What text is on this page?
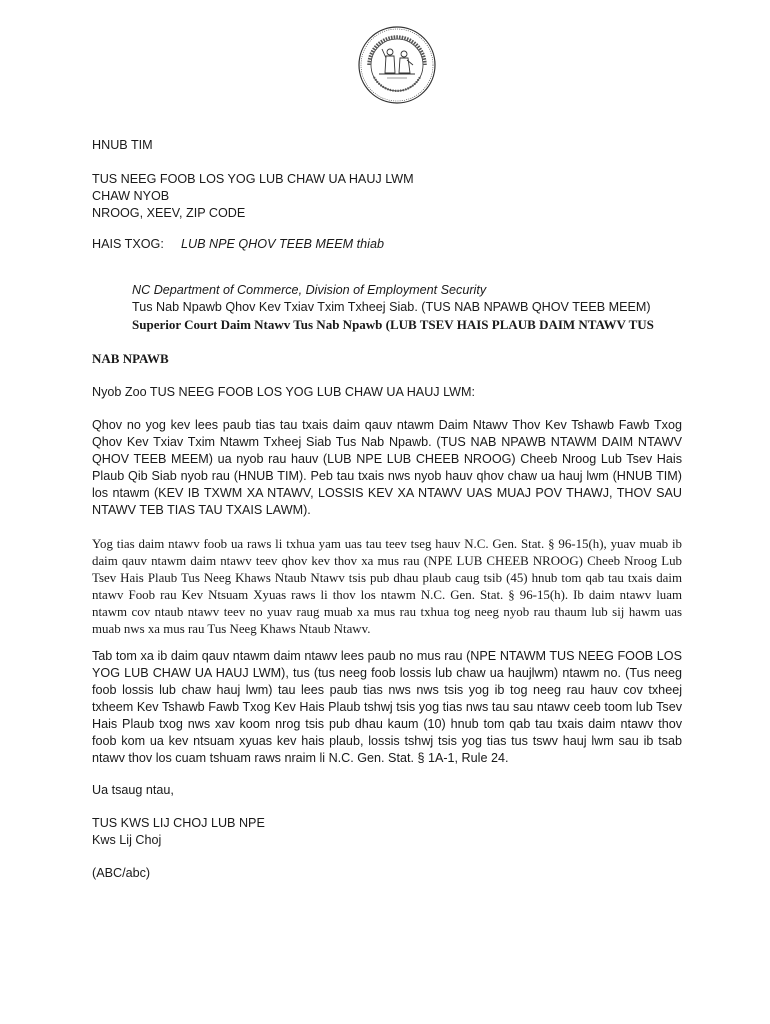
HNUB TIM
TUS NEEG FOOB LOS YOG LUB CHAW UA HAUJ LWM
CHAW NYOB
NROOG, XEEV, ZIP CODE
HAIS TXOG: LUB NPE QHOV TEEB MEEM thiab
NC Department of Commerce, Division of Employment Security
Tus Nab Npawb Qhov Kev Txiav Txim Txheej Siab. (TUS NAB NPAWB QHOV TEEB MEEM)
Superior Court Daim Ntawv Tus Nab Npawb (LUB TSEV HAIS PLAUB DAIM NTAWV TUS
NAB NPAWB
Nyob Zoo TUS NEEG FOOB LOS YOG LUB CHAW UA HAUJ LWM:

Qhov no yog kev lees paub tias tau txais daim qauv ntawm Daim Ntawv Thov Kev Tshawb Fawb Txog Qhov Kev Txiav Txim Ntawm Txheej Siab Tus Nab Npawb. (TUS NAB NPAWB NTAWM DAIM NTAWV QHOV TEEB MEEM) ua nyob rau hauv (LUB NPE LUB CHEEB NROOG) Cheeb Nroog Lub Tsev Hais Plaub Qib Siab nyob rau (HNUB TIM). Peb tau txais nws nyob hauv qhov chaw ua hauj lwm (HNUB TIM) los ntawm (KEV IB TXWM XA NTAWV, LOSSIS KEV XA NTAWV UAS MUAJ POV THAWJ, THOV SAU NTAWV TEB TIAS TAU TXAIS LAWM).

Yog tias daim ntawv foob ua raws li txhua yam uas tau teev tseg hauv N.C. Gen. Stat. § 96-15(h), yuav muab ib daim qauv ntawm daim ntawv teev qhov kev thov xa mus rau (NPE LUB CHEEB NROOG) Cheeb Nroog Lub Tsev Hais Plaub Tus Neeg Khaws Ntaub Ntawv tsis pub dhau plaub caug tsib (45) hnub tom qab tau txais daim ntawv Foob rau Kev Ntsuam Xyuas raws li thov los ntawm N.C. Gen. Stat. § 96-15(h). Ib daim ntawv luam ntawm cov ntaub ntawv teev no yuav raug muab xa mus rau txhua tog neeg nyob rau thaum lub sij hawm uas muab nws xa mus rau Tus Neeg Khaws Ntaub Ntawv.

Tab tom xa ib daim qauv ntawm daim ntawv lees paub no mus rau (NPE NTAWM TUS NEEG FOOB LOS YOG LUB CHAW UA HAUJ LWM), tus (tus neeg foob lossis lub chaw ua haujlwm) ntawm no. (Tus neeg foob lossis lub chaw hauj lwm) tau lees paub tias nws nws tsis yog ib tog neeg rau hauv cov txheej txheem Kev Tshawb Fawb Txog Kev Hais Plaub tshwj tsis yog tias nws tau sau ntawv ceeb toom lub Tsev Hais Plaub txog nws xav koom nrog tsis pub dhau kaum (10) hnub tom qab tau txais daim ntawv thov foob kom ua kev ntsuam xyuas kev hais plaub, lossis tshwj tsis yog tias tus tswv hauj lwm sau ib tsab ntawv thov los cuam tshuam raws nraim li N.C. Gen. Stat. § 1A-1, Rule 24.

Ua tsaug ntau,
TUS KWS LIJ CHOJ LUB NPE
Kws Lij Choj
(ABC/abc)
